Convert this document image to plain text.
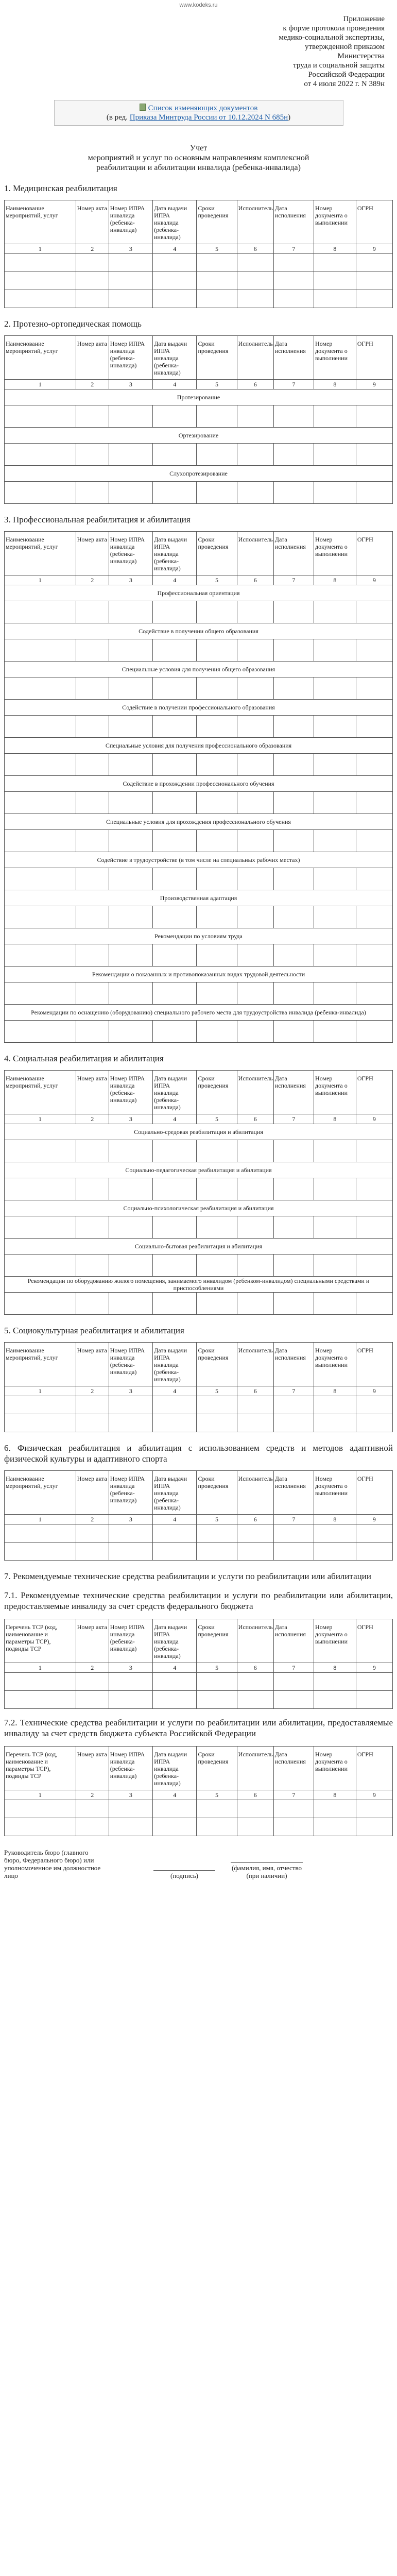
www.kodeks.ru
Приложение
к форме протокола проведения
медико-социальной экспертизы,
утвержденной приказом Министерства
труда и социальной защиты
Российской Федерации
от 4 июля 2022 г. N 389н
Список изменяющих документов
(в ред. Приказа Минтруда России от 10.12.2024 N 685н)
Учет
мероприятий и услуг по основным направлениям комплексной
реабилитации и абилитации инвалида (ребенка-инвалида)
1. Медицинская реабилитация
Наименование мероприятий, услуг	Номер акта	Номер ИПРА инвалида (ребенка-инвалида)	Дата выдачи ИПРА инвалида (ребенка-инвалида)	Сроки проведения	Исполнитель	Дата исполнения	Номер документа о выполнении	ОГРН
1	2	3	4	5	6	7	8	9

2. Протезно-ортопедическая помощь
Наименование мероприятий, услуг	Номер акта	Номер ИПРА инвалида (ребенка-инвалида)	Дата выдачи ИПРА инвалида (ребенка-инвалида)	Сроки проведения	Исполнитель	Дата исполнения	Номер документа о выполнении	ОГРН
1	2	3	4	5	6	7	8	9
Протезирование								

Ортезирование								

Слухопротезирование								

3. Профессиональная реабилитация и абилитация
Наименование мероприятий, услуг	Номер акта	Номер ИПРА инвалида (ребенка-инвалида)	Дата выдачи ИПРА инвалида (ребенка-инвалида)	Сроки проведения	Исполнитель	Дата исполнения	Номер документа о выполнении	ОГРН
1	2	3	4	5	6	7	8	9
Профессиональная ориентация								

Содействие в получении общего образования								

Специальные условия для получения общего образования								

Содействие в получении профессионального образования								

Специальные условия для получения профессионального образования								

Содействие в прохождении профессионального обучения								

Специальные условия для прохождения профессионального обучения								

Содействие в трудоустройстве (в том числе на специальных рабочих местах)								

Производственная адаптация								

Рекомендации по условиям труда								

Рекомендации о показанных и противопоказанных видах трудовой деятельности								

Рекомендации по оснащению (оборудованию) специального рабочего места для трудоустройства инвалида (ребенка-инвалида)								

4. Социальная реабилитация и абилитация
Наименование мероприятий, услуг	Номер акта	Номер ИПРА инвалида (ребенка-инвалида)	Дата выдачи ИПРА инвалида (ребенка-инвалида)	Сроки проведения	Исполнитель	Дата исполнения	Номер документа о выполнении	ОГРН
1	2	3	4	5	6	7	8	9
Социально-средовая реабилитация и абилитация								

Социально-педагогическая реабилитация и абилитация								

Социально-психологическая реабилитация и абилитация								

Социально-бытовая реабилитация и абилитация								

Рекомендации по оборудованию жилого помещения, занимаемого инвалидом (ребенком-инвалидом) специальными средствами и приспособлениями								

5. Социокультурная реабилитация и абилитация
Наименование мероприятий, услуг	Номер акта	Номер ИПРА инвалида (ребенка-инвалида)	Дата выдачи ИПРА инвалида (ребенка-инвалида)	Сроки проведения	Исполнитель	Дата исполнения	Номер документа о выполнении	ОГРН
1	2	3	4	5	6	7	8	9

6. Физическая реабилитация и абилитация с использованием средств и методов адаптивной физической культуры и адаптивного спорта
Наименование мероприятий, услуг	Номер акта	Номер ИПРА инвалида (ребенка-инвалида)	Дата выдачи ИПРА инвалида (ребенка-инвалида)	Сроки проведения	Исполнитель	Дата исполнения	Номер документа о выполнении	ОГРН
1	2	3	4	5	6	7	8	9

7. Рекомендуемые технические средства реабилитации и услуги по реабилитации или абилитации
7.1. Рекомендуемые технические средства реабилитации и услуги по реабилитации или абилитации, предоставляемые инвалиду за счет средств федерального бюджета
Перечень ТСР (код, наименование и параметры ТСР), подвиды ТСР	Номер акта	Номер ИПРА инвалида (ребенка-инвалида)	Дата выдачи ИПРА инвалида (ребенка-инвалида)	Сроки проведения	Исполнитель	Дата исполнения	Номер документа о выполнении	ОГРН
1	2	3	4	5	6	7	8	9

7.2. Технические средства реабилитации и услуги по реабилитации или абилитации, предоставляемые инвалиду за счет средств бюджета субъекта Российской Федерации
Перечень ТСР (код, наименование и параметры ТСР), подвиды ТСР	Номер акта	Номер ИПРА инвалида (ребенка-инвалида)	Дата выдачи ИПРА инвалида (ребенка-инвалида)	Сроки проведения	Исполнитель	Дата исполнения	Номер документа о выполнении	ОГРН
1	2	3	4	5	6	7	8	9

Руководитель бюро (главного
бюро, Федерального бюро) или
уполномоченное им должностное
лицо	(подпись)
(фамилия, имя, отчество
(при наличии)
